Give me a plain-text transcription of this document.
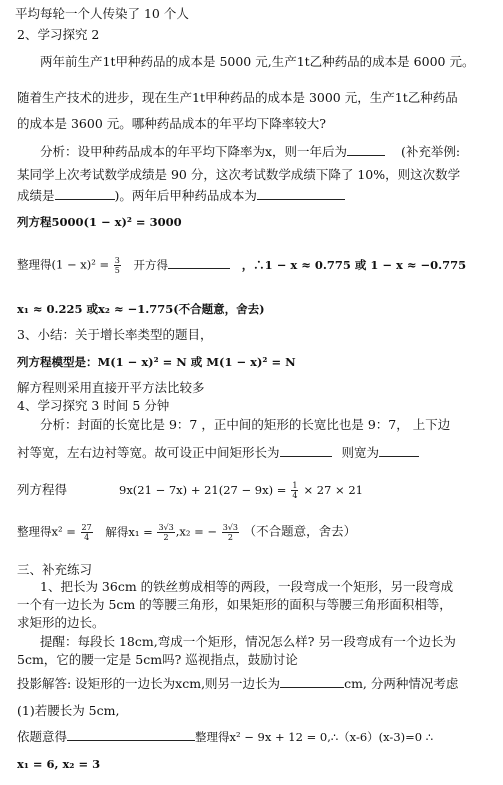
平均每轮一个人传染了 10 个人
2、学习探究 2
两年前生产1t甲种药品的成本是 5000 元,生产1t乙种药品的成本是 6000 元。
随着生产技术的进步，现在生产1t甲种药品的成本是 3000 元，生产1t乙种药品
的成本是 3600 元。哪种药品成本的年平均下降率较大?
分析：设甲种药品成本的年平均下降率为x，则一年后为	(补充举例:
某同学上次考试数学成绩是 90 分，这次考试数学成绩下降了 10%，则这次数学
成绩是	)。两年后甲种药品成本为
列方程5000(1 − x)² = 3000
整理得$(1 - x)^2 = \frac{3}{5}$ 开方得	，∴1 − x ≈ 0.775 或 1 − x ≈ −0.775
x₁ ≈ 0.225 或x₂ ≈ −1.775(不合题意，舍去)
3、小结：关于增长率类型的题目，
列方程模型是：M(1 − x)² = N 或 M(1 − x)² = N
解方程则采用直接开平方法比较多
4、学习探究 3 时间 5 分钟
分析：封面的长宽比是 9：7 ，正中间的矩形的长宽比也是 9：7， 上下边
衬等宽，左右边衬等宽。故可设正中间矩形长为	则宽为
列方程得	$9x(21 - 7x) + 21(27 - 9x) = \frac{1}{4} \times 27 \times 21$
整理得$x^2 = \frac{27}{4}$ 解得$x_1 = \frac{3√3}{2} ,x_2$ = − $\frac{3√3}{2}$ （不合题意，舍去）
三、补充练习
1、把长为 36cm 的铁丝剪成相等的两段，一段弯成一个矩形，另一段弯成
一个有一边长为 5cm 的等腰三角形，如果矩形的面积与等腰三角形面积相等，
求矩形的边长。
提醒：每段长 18cm,弯成一个矩形，情况怎么样? 另一段弯成有一个边长为
5cm，它的腰一定是 5cm吗? 巡视指点，鼓励讨论
投影解答: 设矩形的一边长为xcm,则另一边长为	cm, 分两种情况考虑
(1)若腰长为 5cm,
依题意得	整理得x² − 9x + 12 = 0,∴（x-6）(x-3)=0 ∴
x₁ = 6, x₂ = 3
